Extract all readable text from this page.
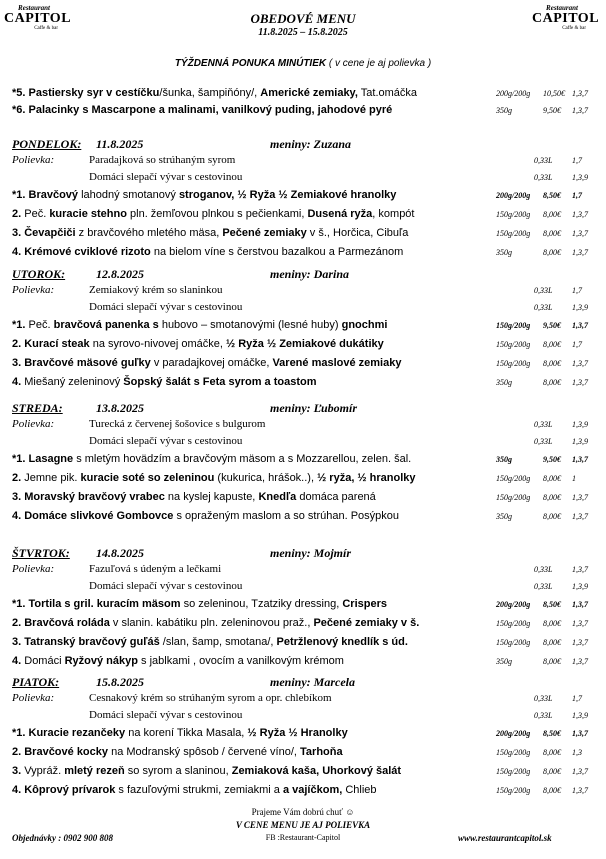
Restaurant
CAPITOL
Caffe & bar
Restaurant
CAPITOL
Caffe & bar
OBEDOVÉ MENU
11.8.2025 – 15.8.2025
TÝŽDENNÁ PONUKA MINÚTIEK ( v cene je aj polievka )
*5. Pastiersky syr v cestíčku/šunka, šampiňóny/, Americké zemiaky, Tat.omáčka	200g/200g 10,50€ 1,3,7
*6. Palacinky s Mascarpone a malinami, vanilkový puding, jahodové pyré	350g	9,50€ 1,3,7
PONDELOK: 11.8.2025	meniny: Zuzana
Polievka:	Paradajková so strúhaným syrom	0,33L 1,7
Domáci slepačí vývar s cestovinou	0,33L 1,3,9
*1. Bravčový lahodný smotanový stroganov, ½ Ryža ½ Zemiakové hranolky	200g/200g 8,50€ 1,7
2. Peč. kuracie stehno pln. žemľovou plnkou s pečienkami, Dusená ryža, kompót	150g/200g 8,00€ 1,3,7
3. Čevapčiči z bravčového mletého mäsa, Pečené zemiaky v š., Horčica, Cibuľa	150g/200g 8,00€ 1,3,7
4. Krémové cviklové rizoto na bielom víne s čerstvou bazalkou a Parmezánom	350g	8,00€ 1,3,7
UTOROK:	12.8.2025	meniny: Darina
Polievka:	Zemiakový krém so slaninkou	0,33L 1,7
Domáci slepačí vývar s cestovinou	0,33L 1,3,9
*1. Peč. bravčová panenka s hubovo – smotanovými (lesné huby) gnochmi	150g/200g 9,50€ 1,3,7
2. Kurací steak na syrovo-nivovej omáčke, ½ Ryža ½ Zemiakové dukátiky	150g/200g 8,00€ 1,7
3. Bravčové mäsové guľky v paradajkovej omáčke, Varené maslové zemiaky	150g/200g 8,00€ 1,3,7
4. Miešaný zeleninový Šopský šalát s Feta syrom a toastom	350g	8,00€ 1,3,7
STREDA:	13.8.2025	meniny: Ľubomír
Polievka:	Turecká z červenej šošovice s bulgurom	0,33L 1,3,9
Domáci slepačí vývar s cestovinou	0,33L 1,3,9
*1. Lasagne s mletým hovädzím a bravčovým mäsom a s Mozzarellou, zelen. šal.	350g	9,50€ 1,3,7
2. Jemne pik. kuracie soté so zeleninou (kukurica, hrášok..), ½ ryža, ½ hranolky	150g/200g 8,00€ 1
3. Moravský bravčový vrabec na kyslej kapuste, Knedľa domáca parená	150g/200g 8,00€ 1,3,7
4. Domáce slivkové Gombovce s opraženým maslom a so strúhan. Posýpkou	350g	8,00€ 1,3,7
ŠTVRTOK: 14.8.2025	meniny: Mojmír
Polievka:	Fazuľová s údeným a lečkami	0,33L 1,3,7
Domáci slepačí vývar s cestovinou	0,33L 1,3,9
*1. Tortila s gril. kuracím mäsom so zeleninou, Tzatziky dressing, Crispers	200g/200g 8,50€ 1,3,7
2. Bravčová roláda v slanin. kabátiku pln. zeleninovou praž., Pečené zemiaky v š.	150g/200g 8,00€ 1,3,7
3. Tatranský bravčový guľáš /slan, šamp, smotana/, Petržlenový knedlík s úd.	150g/200g 8,00€ 1,3,7
4. Domáci Ryžový nákyp s jablkami , ovocím a vanilkovým krémom	350g	8,00€ 1,3,7
PIATOK:	15.8.2025	meniny: Marcela
Polievka:	Cesnakový krém so strúhaným syrom a opr. chlebíkom	0,33L 1,7
Domáci slepačí vývar s cestovinou	0,33L 1,3,9
*1. Kuracie rezančeky na korení Tikka Masala, ½ Ryža ½ Hranolky	200g/200g 8,50€ 1,3,7
2. Bravčové kocky na Modranský spôsob / červené víno/, Tarhoňa	150g/200g 8,00€ 1,3
3. Vypráž. mletý rezeň so syrom a slaninou, Zemiaková kaša, Uhorkový šalát	150g/200g 8,00€ 1,3,7
4. Kôprový prívarok s fazuľovými strukmi, zemiakmi a a vajíčkom, Chlieb	150g/200g 8,00€ 1,3,7
Prajeme Vám dobrú chuť ☺
V CENE MENU JE AJ POLIEVKA
FB :Restaurant-Capitol
Objednávky : 0902 900 808	www.restaurantcapitol.sk
